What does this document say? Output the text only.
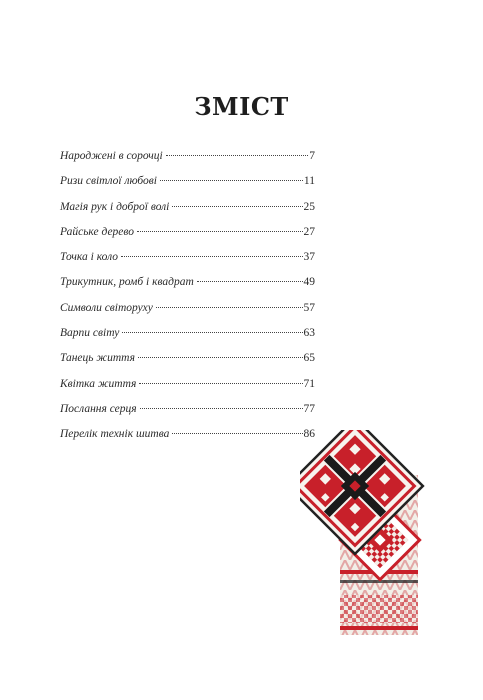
ЗМІСТ
Народжені в сорочці	7
Ризи світлої любові	11
Магія рук і доброї волі	25
Райське дерево	27
Точка і коло	37
Трикутник, ромб і квадрат	49
Символи світоруху	57
Варпи світу	63
Танець життя	65
Квітка життя	71
Послання серця	77
Перелік технік шитва	86
